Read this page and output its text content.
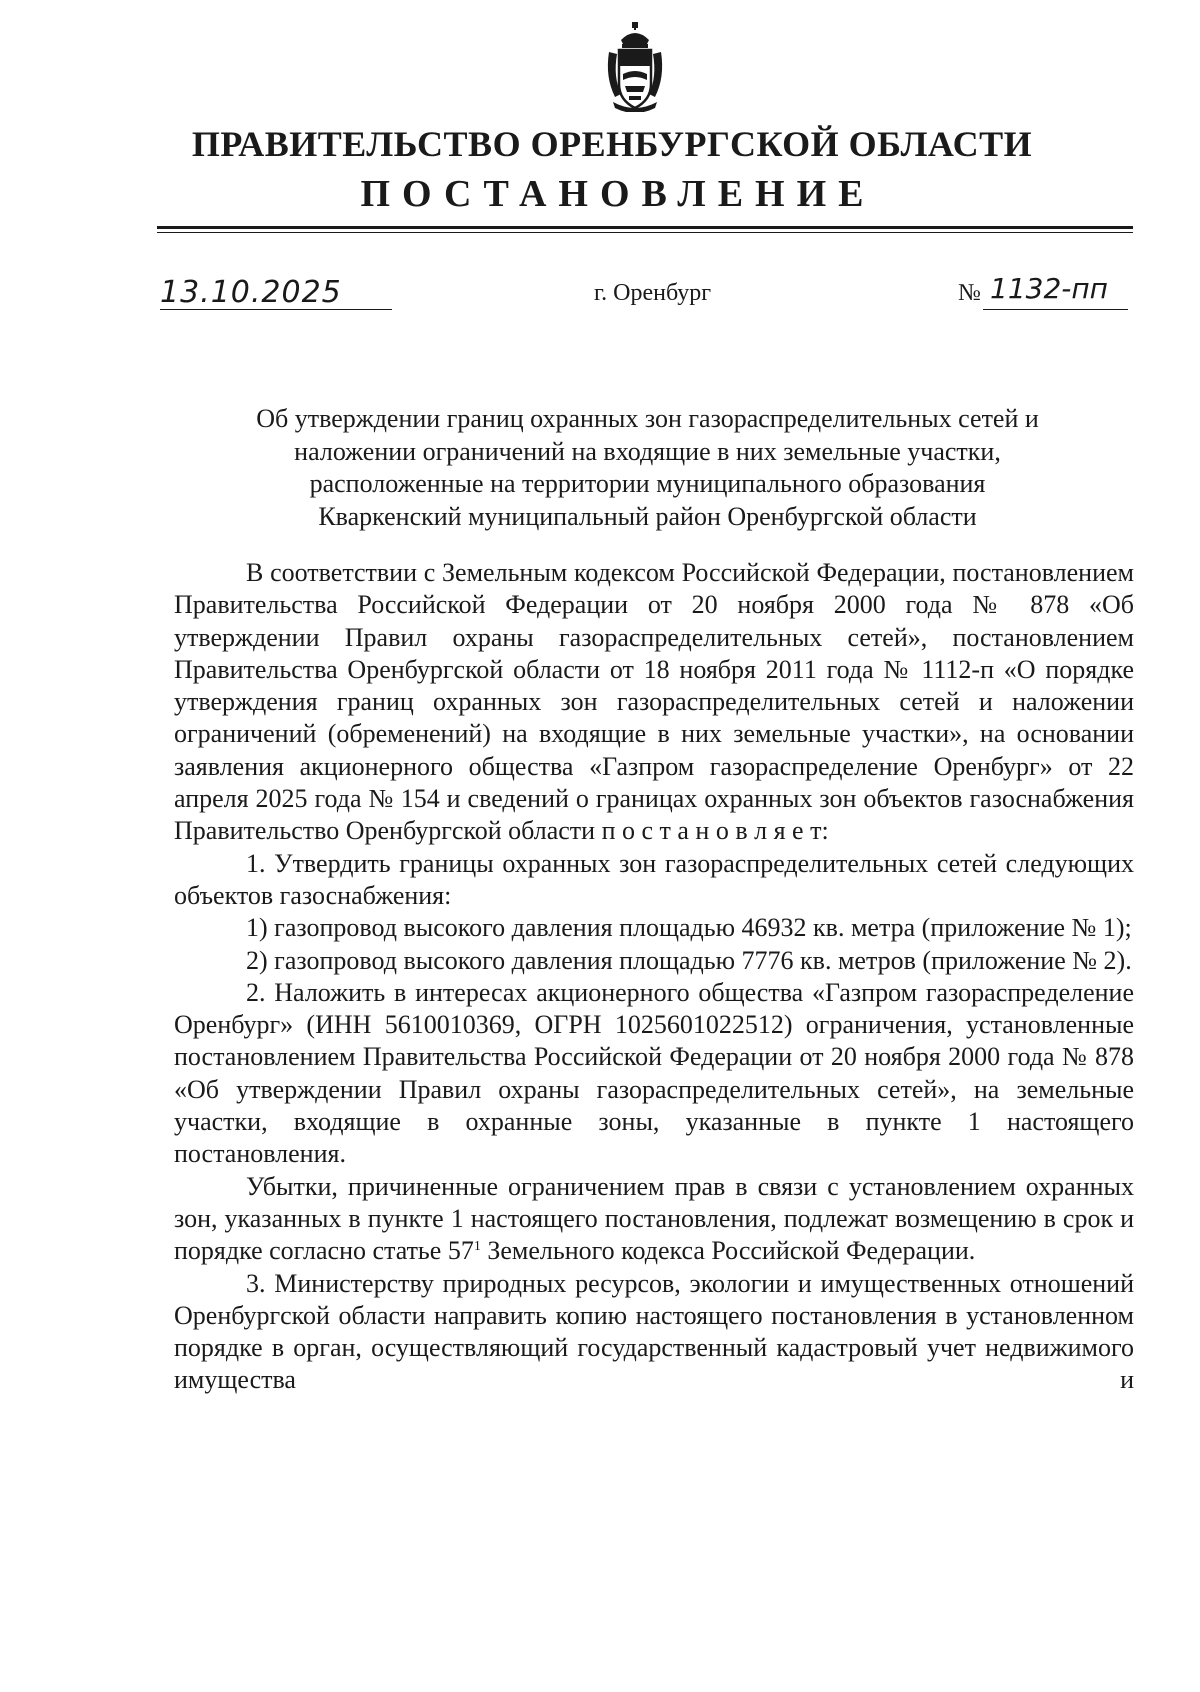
ПРАВИТЕЛЬСТВО ОРЕНБУРГСКОЙ ОБЛАСТИ
ПОСТАНОВЛЕНИЕ
13.10.2025	г. Оренбург	№ 1132-пп
Об утверждении границ охранных зон газораспределительных сетей и
наложении ограничений на входящие в них земельные участки,
расположенные на территории муниципального образования
Кваркенский муниципальный район Оренбургской области

В соответствии с Земельным кодексом Российской Федерации, постановлением Правительства Российской Федерации от 20 ноября 2000 года № 878 «Об утверждении Правил охраны газораспределительных сетей», постановлением Правительства Оренбургской области от 18 ноября 2011 года № 1112-п «О порядке утверждения границ охранных зон газораспределительных сетей и наложении ограничений (обременений) на входящие в них земельные участки», на основании заявления акционерного общества «Газпром газораспределение Оренбург» от 22 апреля 2025 года № 154 и сведений о границах охранных зон объектов газоснабжения Правительство Оренбургской области п о с т а н о в л я е т:

1. Утвердить границы охранных зон газораспределительных сетей следующих объектов газоснабжения:

1) газопровод высокого давления площадью 46932 кв. метра (приложение № 1);

2) газопровод высокого давления площадью 7776 кв. метров (приложение № 2).

2. Наложить в интересах акционерного общества «Газпром газораспределение Оренбург» (ИНН 5610010369, ОГРН 1025601022512) ограничения, установленные постановлением Правительства Российской Федерации от 20 ноября 2000 года № 878 «Об утверждении Правил охраны газораспределительных сетей», на земельные участки, входящие в охранные зоны, указанные в пункте 1 настоящего постановления.

Убытки, причиненные ограничением прав в связи с установлением охранных зон, указанных в пункте 1 настоящего постановления, подлежат возмещению в срок и порядке согласно статье $57^1$ Земельного кодекса Российской Федерации.

3. Министерству природных ресурсов, экологии и имущественных отношений Оренбургской области направить копию настоящего постановления в установленном порядке в орган, осуществляющий государственный кадастровый учет недвижимого имущества и
